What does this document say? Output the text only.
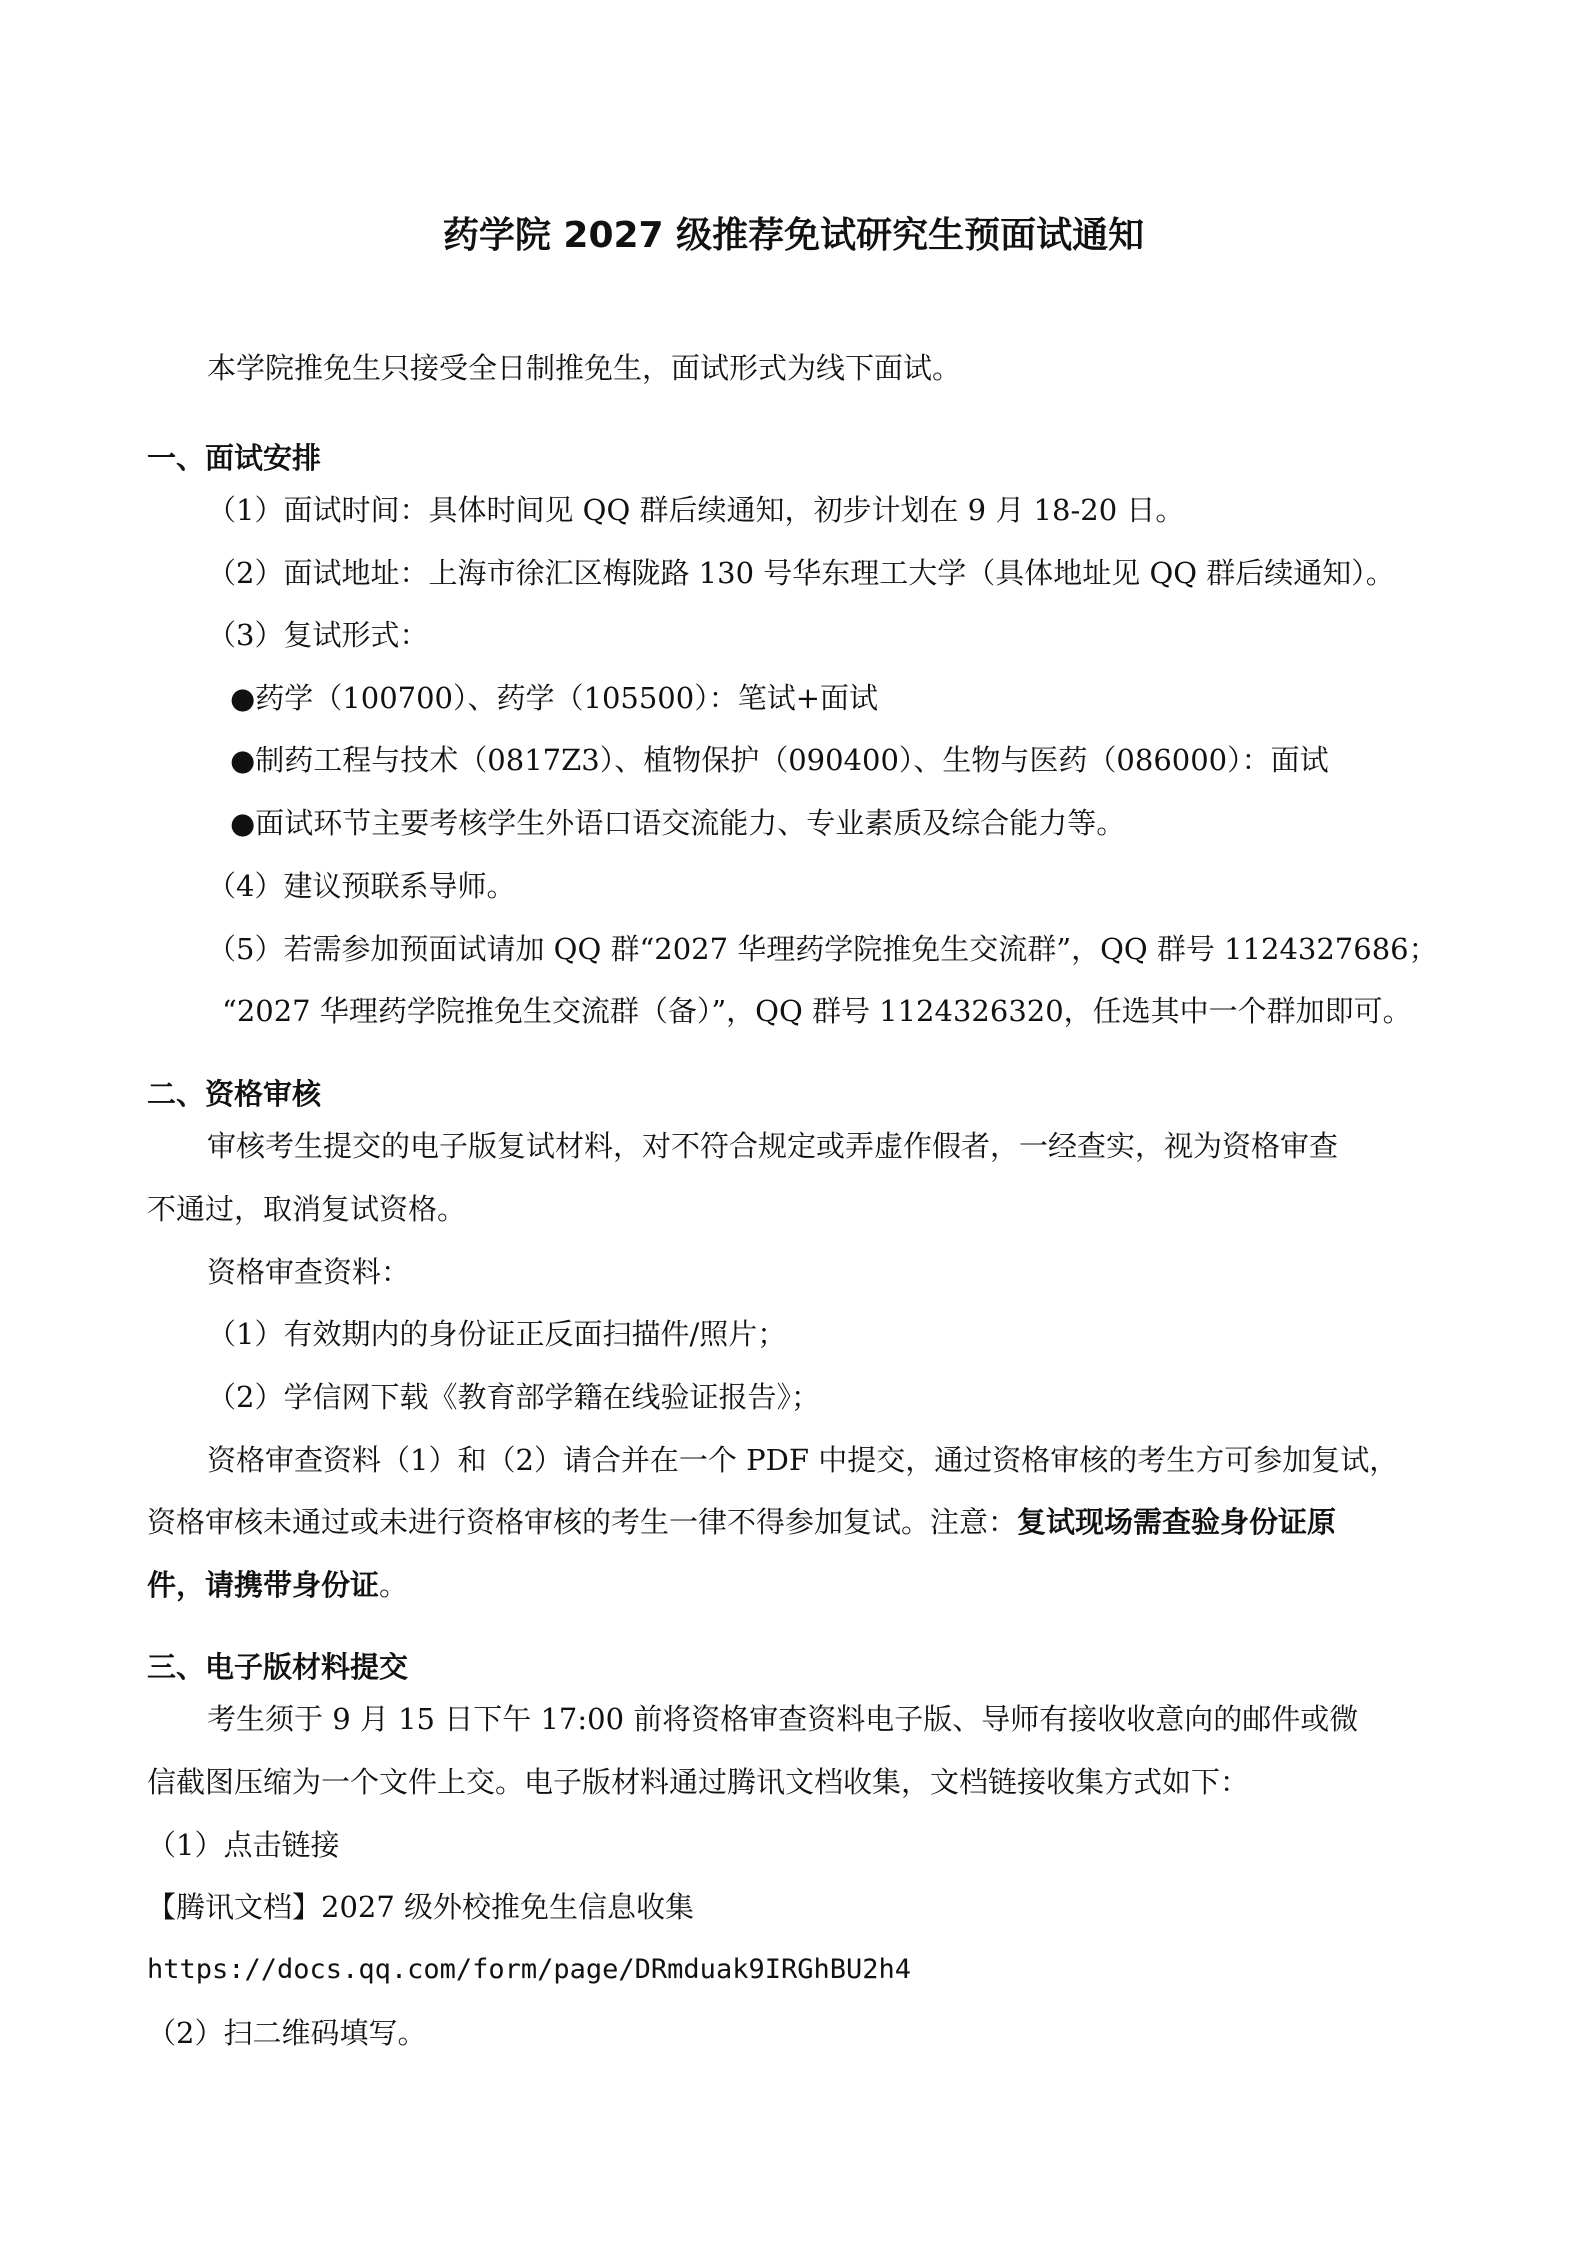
药学院 2027 级推荐免试研究生预面试通知
本学院推免生只接受全日制推免生，面试形式为线下面试。
一、面试安排
（1）面试时间：具体时间见 QQ 群后续通知，初步计划在 9 月 18-20 日。
（2）面试地址：上海市徐汇区梅陇路 130 号华东理工大学（具体地址见 QQ 群后续通知）。
（3）复试形式：
●药学（100700）、药学（105500）：笔试+面试
●制药工程与技术（0817Z3）、植物保护（090400）、生物与医药（086000）：面试
●面试环节主要考核学生外语口语交流能力、专业素质及综合能力等。
（4）建议预联系导师。
（5）若需参加预面试请加 QQ 群“2027 华理药学院推免生交流群”，QQ 群号 1124327686；
“2027 华理药学院推免生交流群（备）”，QQ 群号 1124326320，任选其中一个群加即可。
二、资格审核
审核考生提交的电子版复试材料，对不符合规定或弄虚作假者，一经查实，视为资格审查
不通过，取消复试资格。
资格审查资料：
（1）有效期内的身份证正反面扫描件/照片；
（2）学信网下载《教育部学籍在线验证报告》；
资格审查资料（1）和（2）请合并在一个 PDF 中提交，通过资格审核的考生方可参加复试，
资格审核未通过或未进行资格审核的考生一律不得参加复试。注意：复试现场需查验身份证原
件，请携带身份证。
三、电子版材料提交
考生须于 9 月 15 日下午 17:00 前将资格审查资料电子版、导师有接收收意向的邮件或微
信截图压缩为一个文件上交。电子版材料通过腾讯文档收集，文档链接收集方式如下：
（1）点击链接
【腾讯文档】2027 级外校推免生信息收集
https://docs.qq.com/form/page/DRmduak9IRGhBU2h4
（2）扫二维码填写。
